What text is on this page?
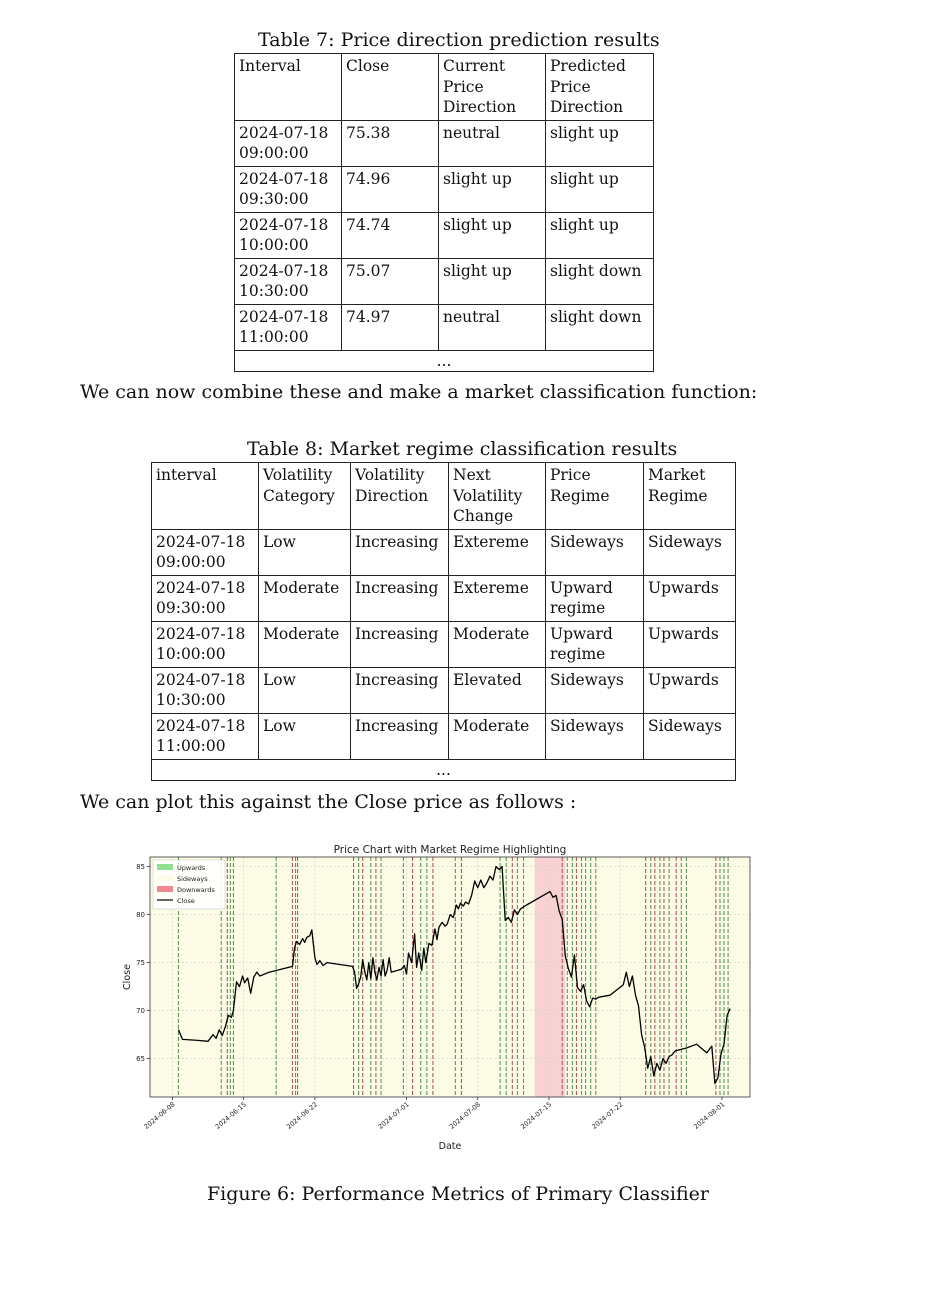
Table 7: Price direction prediction results
Interval	Close	Current Price Direction	Predicted Price Direction
2024-07-18 09:00:00	75.38	neutral	slight up
2024-07-18 09:30:00	74.96	slight up	slight up
2024-07-18 10:00:00	74.74	slight up	slight up
2024-07-18 10:30:00	75.07	slight up	slight down
2024-07-18 11:00:00	74.97	neutral	slight down
...			
We can now combine these and make a market classification function:
Table 8: Market regime classification results
interval	Volatility Category	Volatility Direction	Next Volatility Change	Price Regime	Market Regime
2024-07-18 09:00:00	Low	Increasing	Extereme	Sideways	Sideways
2024-07-18 09:30:00	Moderate	Increasing	Extereme	Upward regime	Upwards
2024-07-18 10:00:00	Moderate	Increasing	Moderate	Upward regime	Upwards
2024-07-18 10:30:00	Low	Increasing	Elevated	Sideways	Upwards
2024-07-18 11:00:00	Low	Increasing	Moderate	Sideways	Sideways
...					
We can plot this against the Close price as follows :
Price Chart with Market Regime Highlighting
65
70
75
80
85
2024-06-08	2024-06-15	2024-06-22	2024-07-01	2024-07-08	2024-07-15	2024-07-22	2024-08-01
Close
Date
Upwards
Sideways
Downwards
Close
Figure 6: Performance Metrics of Primary Classifier
